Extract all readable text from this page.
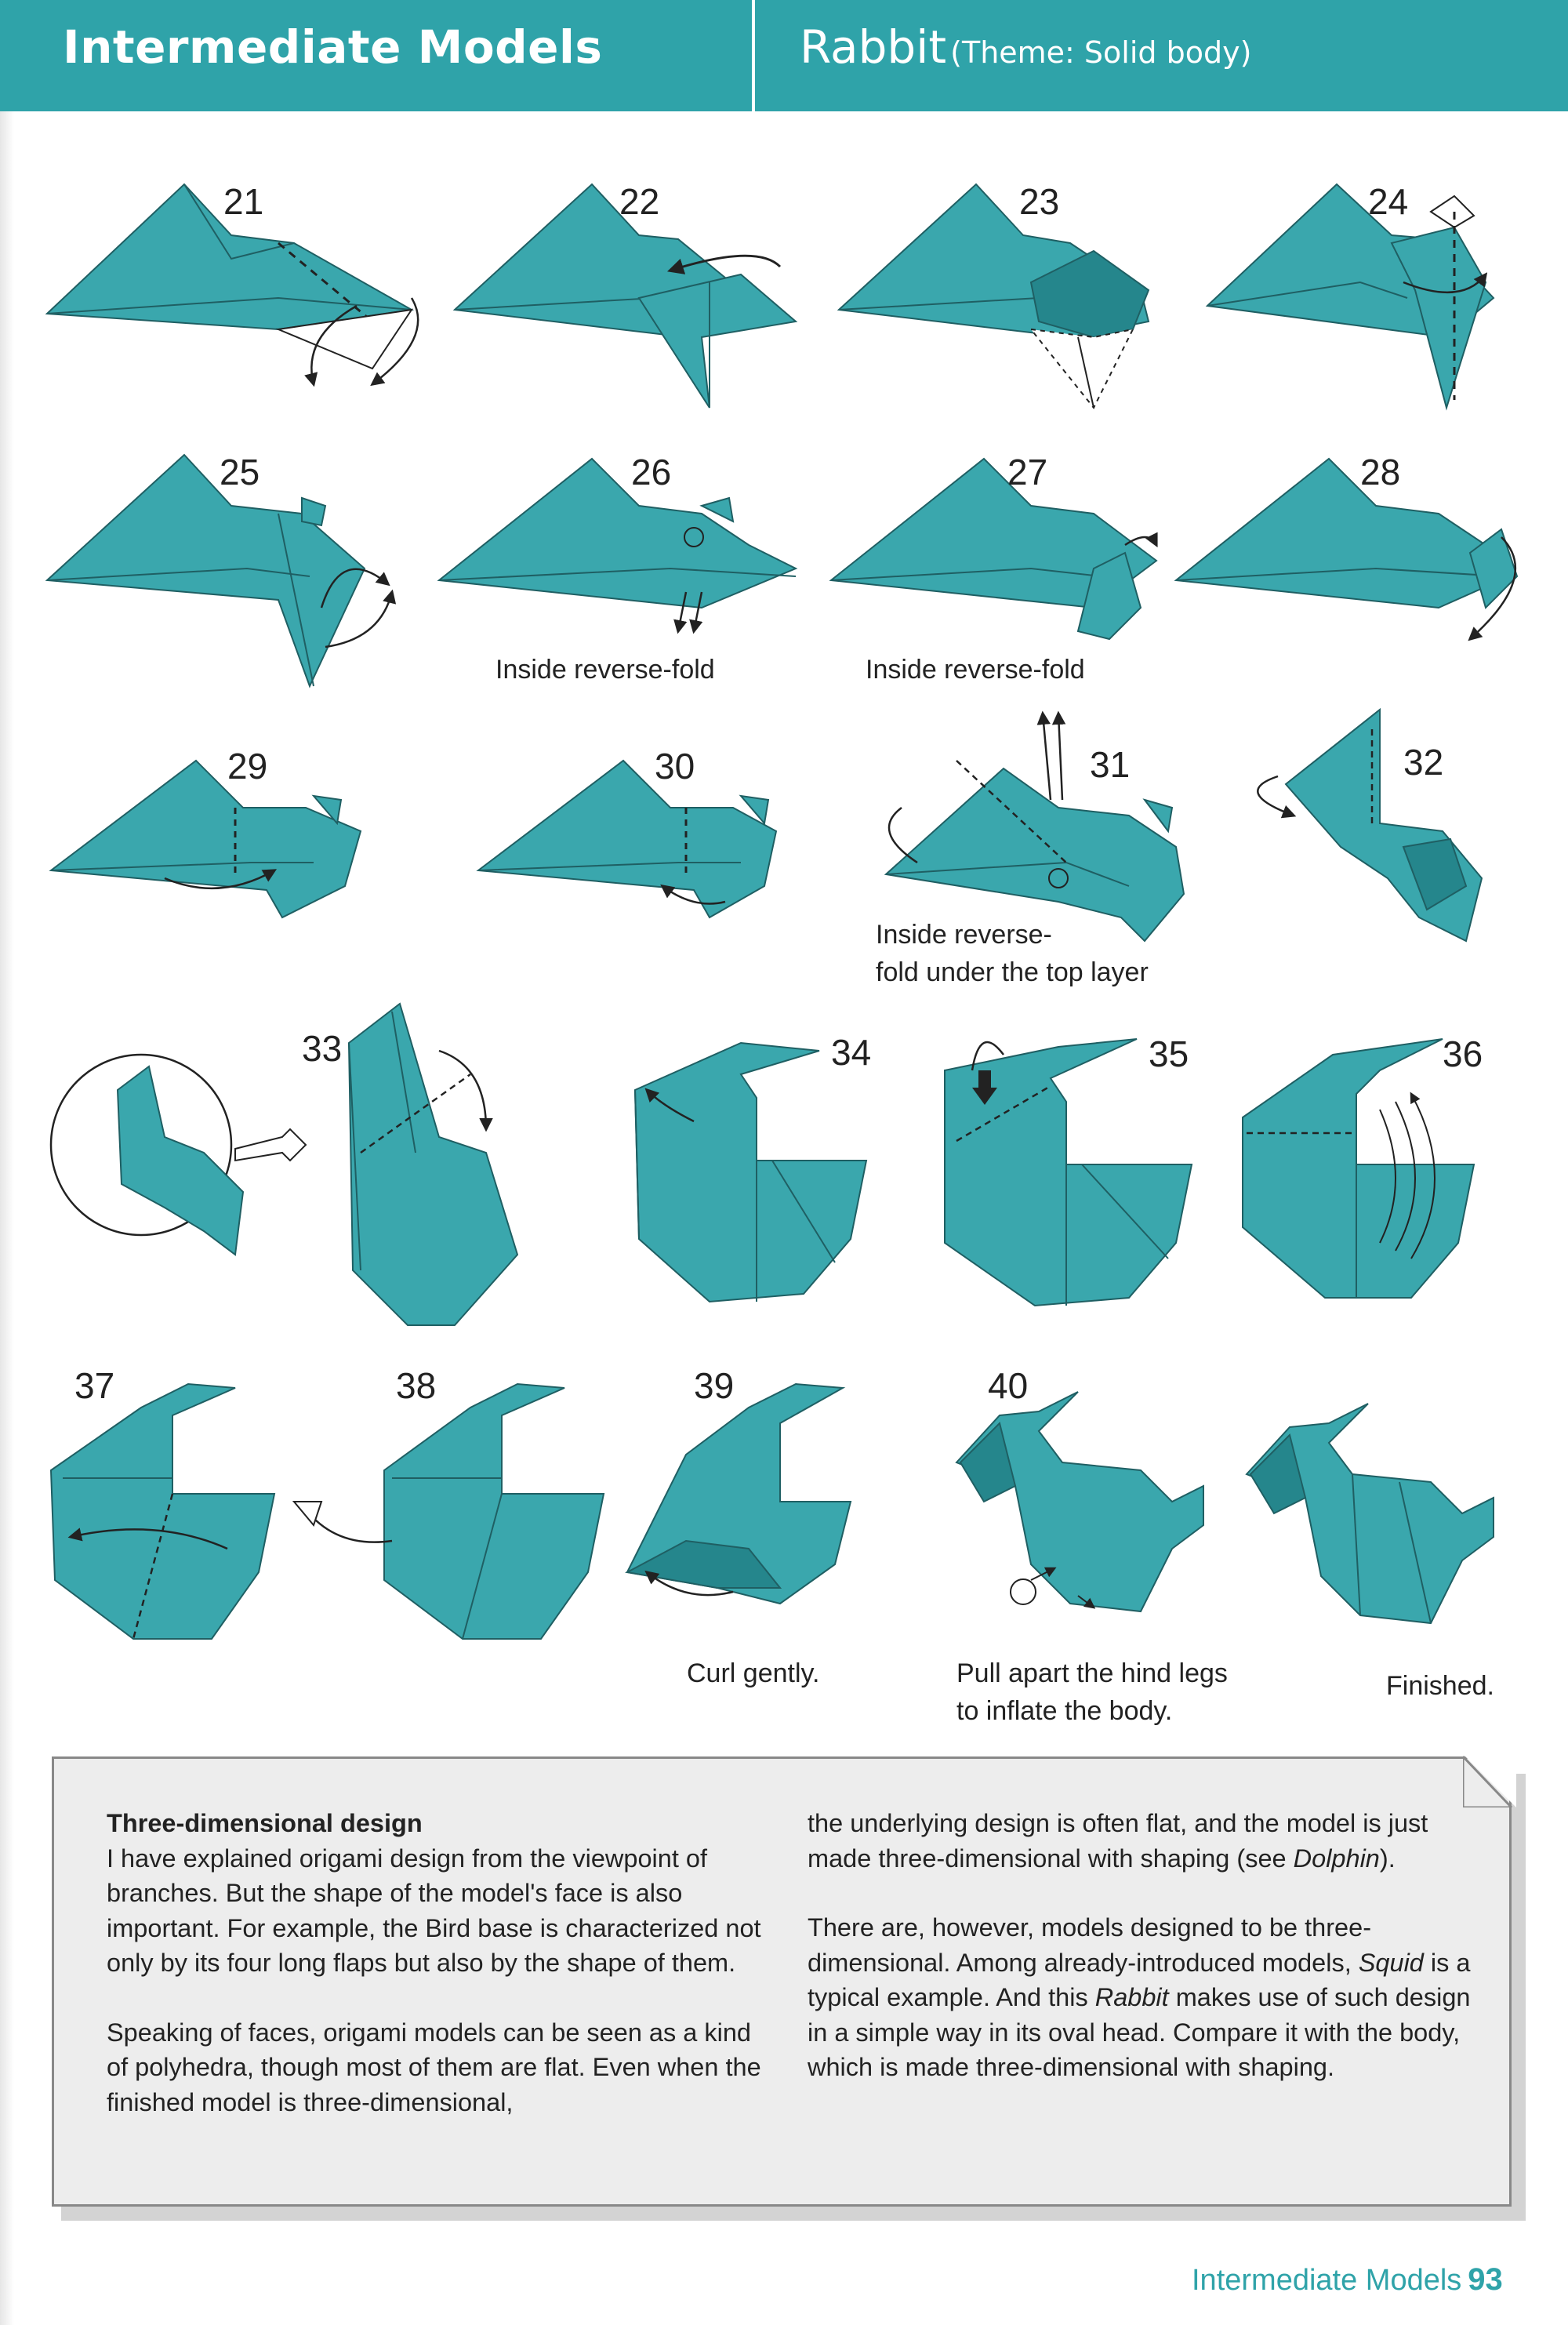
Intermediate Models	Rabbit (Theme: Solid body)
21	22	23	24
25	26	27	28
Inside reverse-fold	Inside reverse-fold
29	30	31	32
Inside reverse-
fold under the top layer
33	34	35	36
37	38	39	40
Curl gently.	Pull apart the hind legs
to inflate the body.
Finished.

Three-dimensional design
I have explained origami design from the viewpoint of branches. But the shape of the model's face is also important. For example, the Bird base is characterized not only by its four long flaps but also by the shape of them.

Speaking of faces, origami models can be seen as a kind of polyhedra, though most of them are flat. Even when the finished model is three-dimensional,

the underlying design is often flat, and the model is just made three-dimensional with shaping (see Dolphin).

There are, however, models designed to be three-dimensional. Among already-introduced models, Squid is a typical example. And this Rabbit makes use of such design in a simple way in its oval head. Compare it with the body, which is made three-dimensional with shaping.

Intermediate Models 93
